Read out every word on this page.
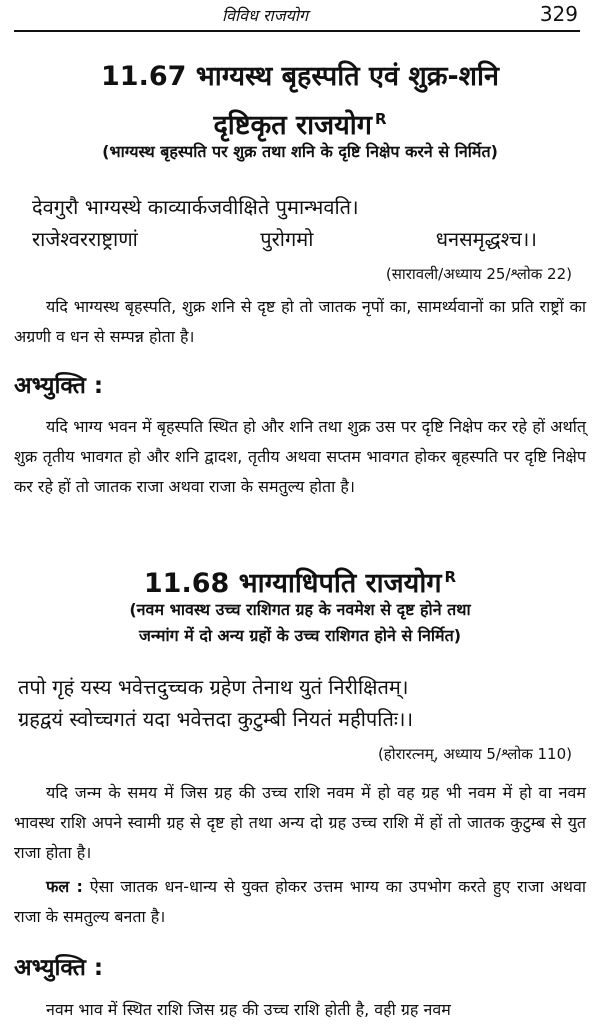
विविध राजयोग	329
11.67 भाग्यस्थ बृहस्पति एवं शुक्र-शनि
दृष्टिकृत राजयोग $^R$
(भाग्यस्थ बृहस्पति पर शुक्र तथा शनि के दृष्टि निक्षेप करने से निर्मित)
देवगुरौ भाग्यस्थे काव्यार्कजवीक्षिते पुमान्भवति।
राजेश्वरराष्ट्राणां	पुरोगमो	धनसमृद्धश्च।।
(सारावली/अध्याय 25/श्लोक 22)

यदि भाग्यस्थ बृहस्पति, शुक्र शनि से दृष्ट हो तो जातक नृपों का, सामर्थ्यवानों का प्रति राष्ट्रों का अग्रणी व धन से सम्पन्न होता है।

अभ्युक्ति :

यदि भाग्य भवन में बृहस्पति स्थित हो और शनि तथा शुक्र उस पर दृष्टि निक्षेप कर रहे हों अर्थात् शुक्र तृतीय भावगत हो और शनि द्वादश, तृतीय अथवा सप्तम भावगत होकर बृहस्पति पर दृष्टि निक्षेप कर रहे हों तो जातक राजा अथवा राजा के समतुल्य होता है।

11.68 भाग्याधिपति राजयोग $^R$
(नवम भावस्थ उच्च राशिगत ग्रह के नवमेश से दृष्ट होने तथा
जन्मांग में दो अन्य ग्रहों के उच्च राशिगत होने से निर्मित)
तपो गृहं यस्य भवेत्तदुच्चक ग्रहेण तेनाथ युतं निरीक्षितम्।
ग्रहद्वयं स्वोच्चगतं यदा भवेत्तदा कुटुम्बी नियतं महीपतिः।।
(होरारत्नम्, अध्याय 5/श्लोक 110)

यदि जन्म के समय में जिस ग्रह की उच्च राशि नवम में हो वह ग्रह भी नवम में हो वा नवम भावस्थ राशि अपने स्वामी ग्रह से दृष्ट हो तथा अन्य दो ग्रह उच्च राशि में हों तो जातक कुटुम्ब से युत राजा होता है।

फल : ऐसा जातक धन-धान्य से युक्त होकर उत्तम भाग्य का उपभोग करते हुए राजा अथवा राजा के समतुल्य बनता है।

अभ्युक्ति :

नवम भाव में स्थित राशि जिस ग्रह की उच्च राशि होती है, वही ग्रह नवम
